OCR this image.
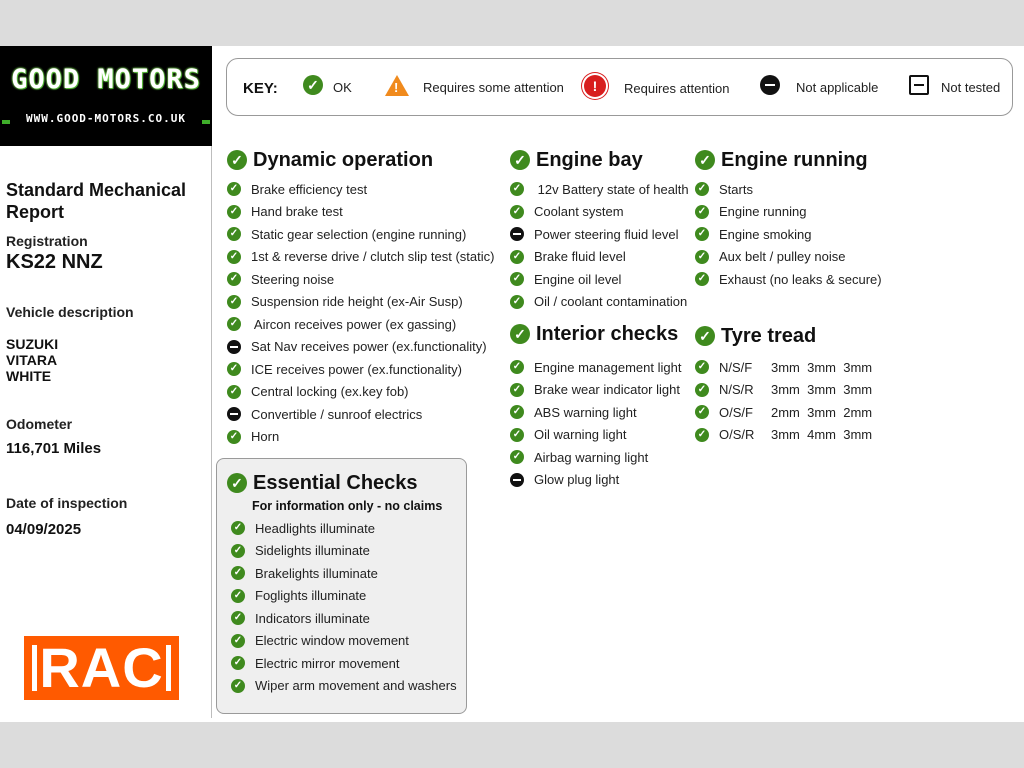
GOOD MOTORS
WWW.GOOD-MOTORS.CO.UK
Standard Mechanical Report
Registration
KS22 NNZ
Vehicle description
SUZUKI
VITARA
WHITE
Odometer
116,701 Miles
Date of inspection
04/09/2025
RAC
KEY: ✓	OK
!	Requires some attention	!	Requires attention	Not applicable	Not tested
✓ Dynamic operation
✓ Brake efficiency test
✓ Hand brake test
✓ Static gear selection (engine running)
✓ 1st & reverse drive / clutch slip test (static)
✓ Steering noise
✓ Suspension ride height (ex-Air Susp)
✓ Aircon receives power (ex gassing)
Sat Nav receives power (ex.functionality)
✓ ICE receives power (ex.functionality)
✓ Central locking (ex.key fob)
Convertible / sunroof electrics
✓ Horn
✓ Engine bay
✓ 12v Battery state of health
✓ Coolant system
Power steering fluid level
✓ Brake fluid level
✓ Engine oil level
✓ Oil / coolant contamination
✓ Engine running
✓ Starts
✓ Engine running
✓ Engine smoking
✓ Aux belt / pulley noise
✓ Exhaust (no leaks & secure)
✓ Interior checks
✓ Engine management light
✓ Brake wear indicator light
✓ ABS warning light
✓ Oil warning light
✓ Airbag warning light
Glow plug light
✓ Tyre tread
✓ N/S/F	3mm  3mm  3mm
✓ N/S/R	3mm  3mm  3mm
✓ O/S/F	2mm  3mm  2mm
✓ O/S/R	3mm  4mm  3mm
✓ Essential Checks
For information only - no claims
✓ Headlights illuminate
✓ Sidelights illuminate
✓ Brakelights illuminate
✓ Foglights illuminate
✓ Indicators illuminate
✓ Electric window movement
✓ Electric mirror movement
✓ Wiper arm movement and washers
